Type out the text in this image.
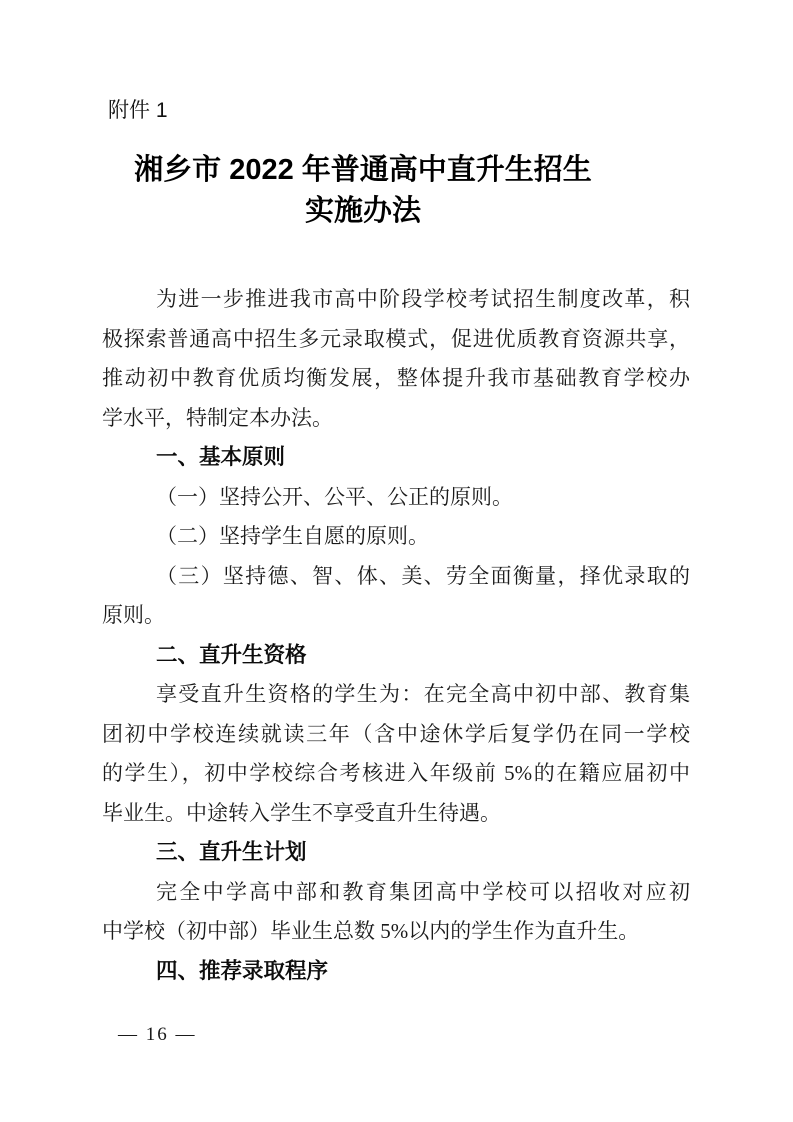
附件 1
湘乡市 2022 年普通高中直升生招生
实施办法
为进一步推进我市高中阶段学校考试招生制度改革，积
极探索普通高中招生多元录取模式，促进优质教育资源共享，
推动初中教育优质均衡发展，整体提升我市基础教育学校办
学水平，特制定本办法。
一、基本原则
（一）坚持公开、公平、公正的原则。
（二）坚持学生自愿的原则。
（三）坚持德、智、体、美、劳全面衡量，择优录取的
原则。
二、直升生资格
享受直升生资格的学生为：在完全高中初中部、教育集
团初中学校连续就读三年（含中途休学后复学仍在同一学校
的学生），初中学校综合考核进入年级前 5%的在籍应届初中
毕业生。中途转入学生不享受直升生待遇。
三、直升生计划
完全中学高中部和教育集团高中学校可以招收对应初
中学校（初中部）毕业生总数 5%以内的学生作为直升生。
四、推荐录取程序
— 16 —
